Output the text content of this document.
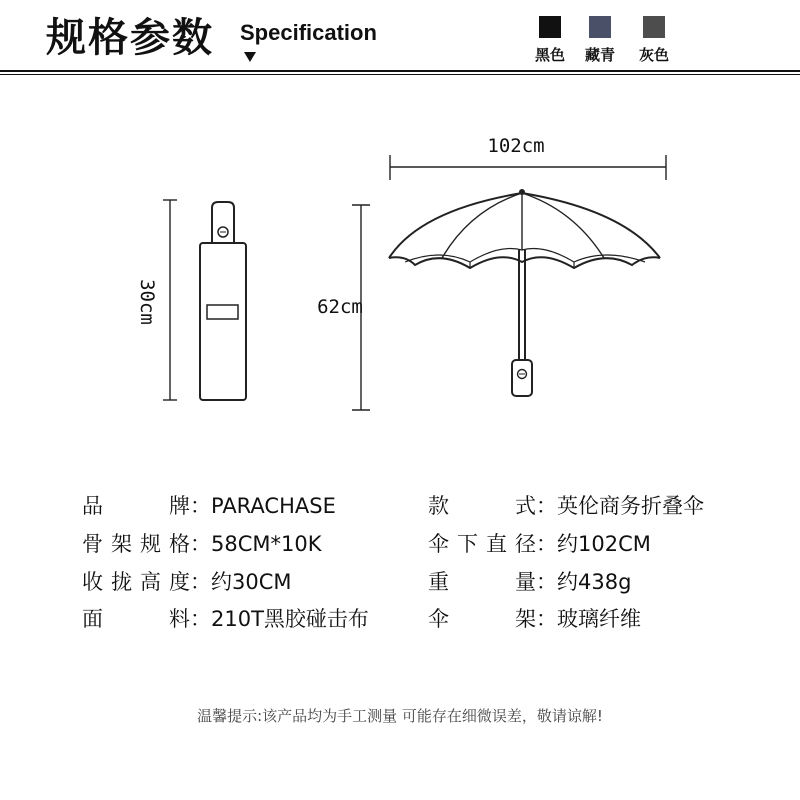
规格参数 Specification
黑色	藏青	灰色
102cm
62cm
30cm
品　　牌：PARACHASE	款　　式：英伦商务折叠伞
骨架规格：58CM*10K	伞下直径：约102CM
收拢高度：约30CM	重　　量：约438g
面　　料：210T黑胶碰击布	伞　　架：玻璃纤维
温馨提示:该产品均为手工测量 可能存在细微误差，敬请谅解!
